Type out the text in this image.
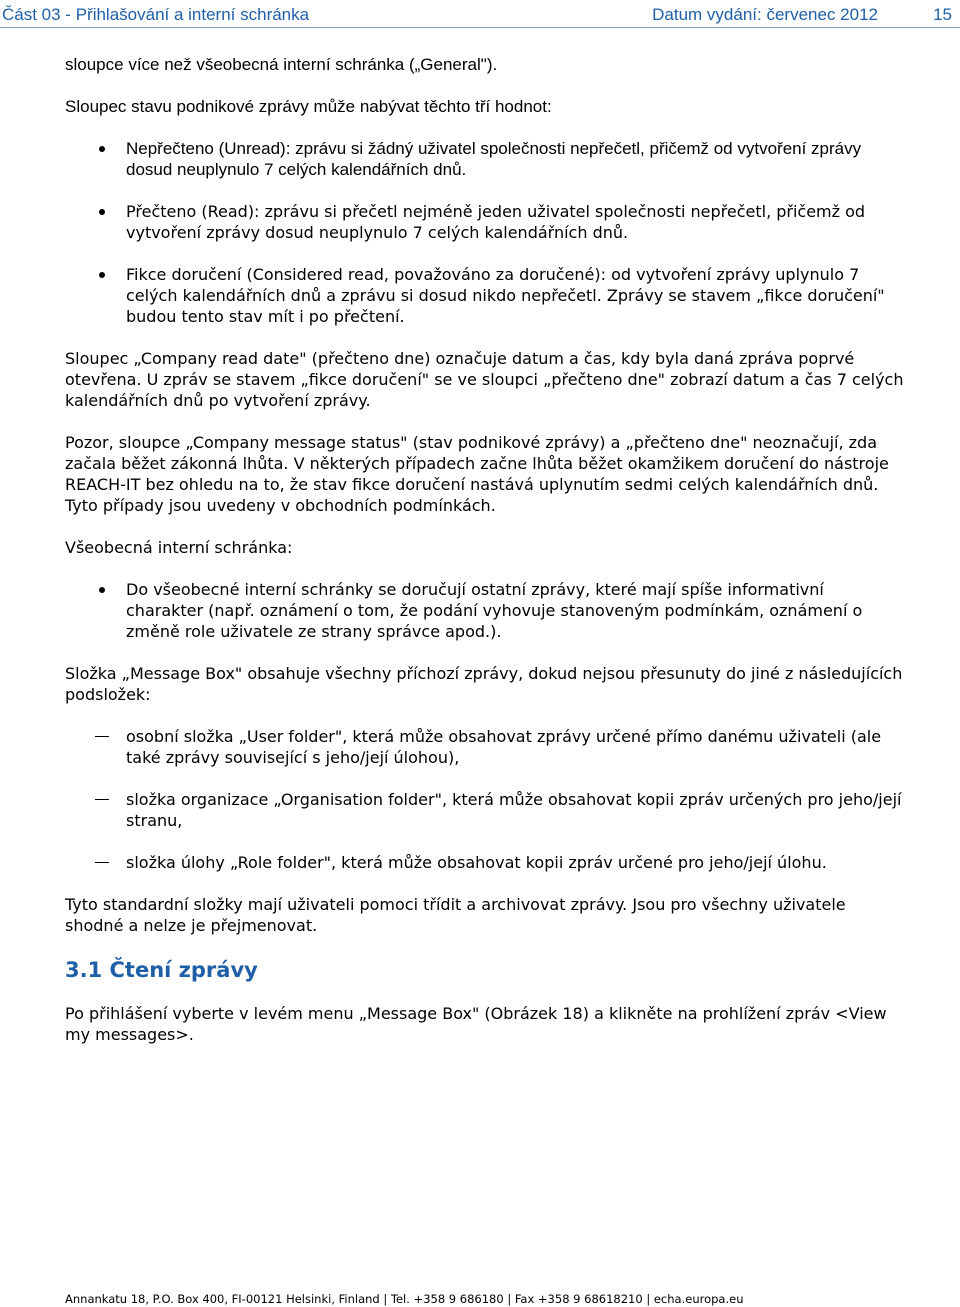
Část 03 - Přihlašování a interní schránka	Datum vydání: červenec 2012	15

sloupce více než všeobecná interní schránka („General").

Sloupec stavu podnikové zprávy může nabývat těchto tří hodnot:

Nepřečteno (Unread): zprávu si žádný uživatel společnosti nepřečetl, přičemž od vytvoření zprávy dosud neuplynulo 7 celých kalendářních dnů.
Přečteno (Read): zprávu si přečetl nejméně jeden uživatel společnosti nepřečetl, přičemž od vytvoření zprávy dosud neuplynulo 7 celých kalendářních dnů.
Fikce doručení (Considered read, považováno za doručené): od vytvoření zprávy uplynulo 7 celých kalendářních dnů a zprávu si dosud nikdo nepřečetl. Zprávy se stavem „fikce doručení" budou tento stav mít i po přečtení.

Sloupec „Company read date" (přečteno dne) označuje datum a čas, kdy byla daná zpráva poprvé otevřena. U zpráv se stavem „fikce doručení" se ve sloupci „přečteno dne" zobrazí datum a čas 7 celých kalendářních dnů po vytvoření zprávy.

Pozor, sloupce „Company message status" (stav podnikové zprávy) a „přečteno dne" neoznačují, zda začala běžet zákonná lhůta. V některých případech začne lhůta běžet okamžikem doručení do nástroje REACH-IT bez ohledu na to, že stav fikce doručení nastává uplynutím sedmi celých kalendářních dnů. Tyto případy jsou uvedeny v obchodních podmínkách.

Všeobecná interní schránka:

Do všeobecné interní schránky se doručují ostatní zprávy, které mají spíše informativní charakter (např. oznámení o tom, že podání vyhovuje stanoveným podmínkám, oznámení o změně role uživatele ze strany správce apod.).

Složka „Message Box" obsahuje všechny příchozí zprávy, dokud nejsou přesunuty do jiné z následujících podsložek:

osobní složka „User folder", která může obsahovat zprávy určené přímo danému uživateli (ale také zprávy související s jeho/její úlohou),
složka organizace „Organisation folder", která může obsahovat kopii zpráv určených pro jeho/její stranu,
složka úlohy „Role folder", která může obsahovat kopii zpráv určené pro jeho/její úlohu.

Tyto standardní složky mají uživateli pomoci třídit a archivovat zprávy. Jsou pro všechny uživatele shodné a nelze je přejmenovat.

3.1 Čtení zprávy

Po přihlášení vyberte v levém menu „Message Box" (Obrázek 18) a klikněte na prohlížení zpráv <View my messages>.

Annankatu 18, P.O. Box 400, FI-00121 Helsinki, Finland | Tel. +358 9 686180 | Fax +358 9 68618210 | echa.europa.eu
